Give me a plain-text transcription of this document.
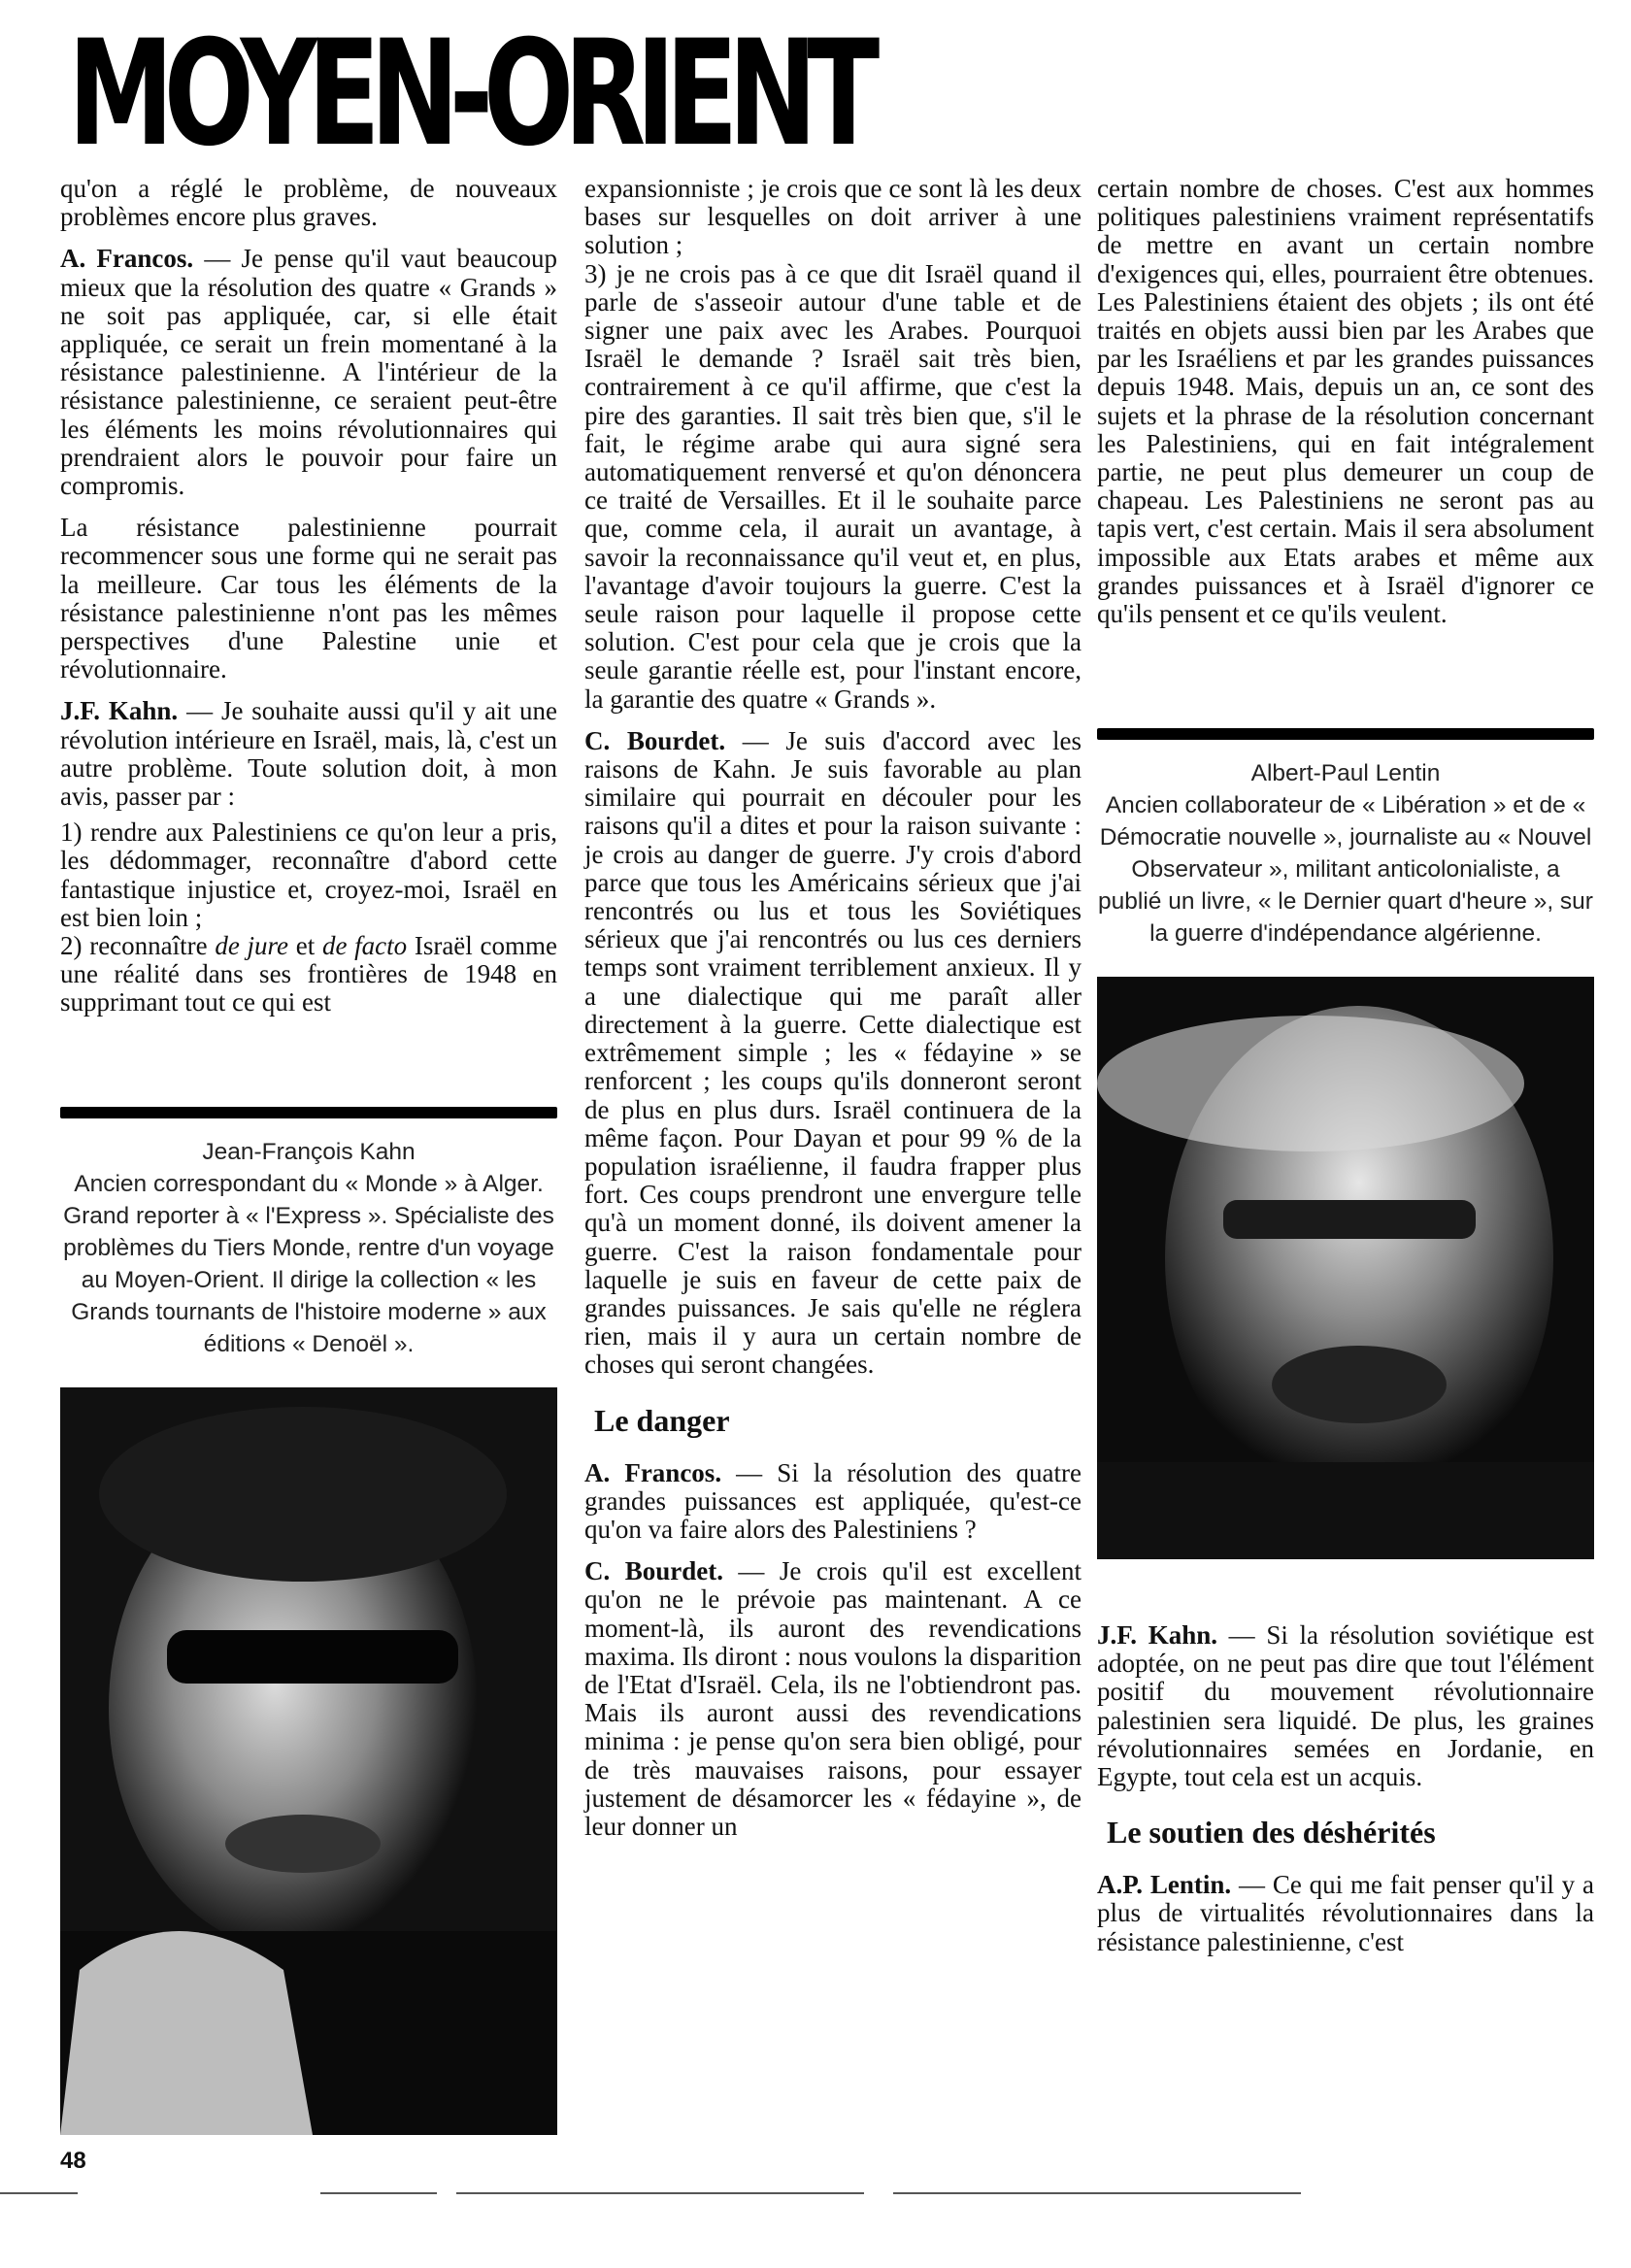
MOYEN-ORIENT

qu'on a réglé le problème, de nouveaux problèmes encore plus graves.

A. Francos. — Je pense qu'il vaut beaucoup mieux que la résolution des quatre « Grands » ne soit pas appliquée, car, si elle était appliquée, ce serait un frein momentané à la résistance palestinienne. A l'intérieur de la résistance palestinienne, ce seraient peut-être les éléments les moins révolutionnaires qui prendraient alors le pouvoir pour faire un compromis.

La résistance palestinienne pourrait recommencer sous une forme qui ne serait pas la meilleure. Car tous les éléments de la résistance palestinienne n'ont pas les mêmes perspectives d'une Palestine unie et révolutionnaire.

J.F. Kahn. — Je souhaite aussi qu'il y ait une révolution intérieure en Israël, mais, là, c'est un autre problème. Toute solution doit, à mon avis, passer par :

1) rendre aux Palestiniens ce qu'on leur a pris, les dédommager, reconnaître d'abord cette fantastique injustice et, croyez-moi, Israël en est bien loin ;

2) reconnaître de jure et de facto Israël comme une réalité dans ses frontières de 1948 en supprimant tout ce qui est

Jean-François Kahn
Ancien correspondant du « Monde » à Alger. Grand reporter à « l'Express ». Spécialiste des problèmes du Tiers Monde, rentre d'un voyage au Moyen-Orient. Il dirige la collection « les Grands tournants de l'histoire moderne » aux éditions « Denoël ».

expansionniste ; je crois que ce sont là les deux bases sur lesquelles on doit arriver à une solution ;

3) je ne crois pas à ce que dit Israël quand il parle de s'asseoir autour d'une table et de signer une paix avec les Arabes. Pourquoi Israël le demande ? Israël sait très bien, contrairement à ce qu'il affirme, que c'est la pire des garanties. Il sait très bien que, s'il le fait, le régime arabe qui aura signé sera automatiquement renversé et qu'on dénoncera ce traité de Versailles. Et il le souhaite parce que, comme cela, il aurait un avantage, à savoir la reconnaissance qu'il veut et, en plus, l'avantage d'avoir toujours la guerre. C'est la seule raison pour laquelle il propose cette solution. C'est pour cela que je crois que la seule garantie réelle est, pour l'instant encore, la garantie des quatre « Grands ».

C. Bourdet. — Je suis d'accord avec les raisons de Kahn. Je suis favorable au plan similaire qui pourrait en découler pour les raisons qu'il a dites et pour la raison suivante : je crois au danger de guerre. J'y crois d'abord parce que tous les Américains sérieux que j'ai rencontrés ou lus et tous les Soviétiques sérieux que j'ai rencontrés ou lus ces derniers temps sont vraiment terriblement anxieux. Il y a une dialectique qui me paraît aller directement à la guerre. Cette dialectique est extrêmement simple ; les « fédayine » se renforcent ; les coups qu'ils donneront seront de plus en plus durs. Israël continuera de la même façon. Pour Dayan et pour 99 % de la population israélienne, il faudra frapper plus fort. Ces coups prendront une envergure telle qu'à un moment donné, ils doivent amener la guerre. C'est la raison fondamentale pour laquelle je suis en faveur de cette paix de grandes puissances. Je sais qu'elle ne réglera rien, mais il y aura un certain nombre de choses qui seront changées.

Le danger

A. Francos. — Si la résolution des quatre grandes puissances est appliquée, qu'est-ce qu'on va faire alors des Palestiniens ?

C. Bourdet. — Je crois qu'il est excellent qu'on ne le prévoie pas maintenant. A ce moment-là, ils auront des revendications maxima. Ils diront : nous voulons la disparition de l'Etat d'Israël. Cela, ils ne l'obtiendront pas. Mais ils auront aussi des revendications minima : je pense qu'on sera bien obligé, pour de très mauvaises raisons, pour essayer justement de désamorcer les « fédayine », de leur donner un

certain nombre de choses. C'est aux hommes politiques palestiniens vraiment représentatifs de mettre en avant un certain nombre d'exigences qui, elles, pourraient être obtenues. Les Palestiniens étaient des objets ; ils ont été traités en objets aussi bien par les Arabes que par les Israéliens et par les grandes puissances depuis 1948. Mais, depuis un an, ce sont des sujets et la phrase de la résolution concernant les Palestiniens, qui en fait intégralement partie, ne peut plus demeurer un coup de chapeau. Les Palestiniens ne seront pas au tapis vert, c'est certain. Mais il sera absolument impossible aux Etats arabes et même aux grandes puissances et à Israël d'ignorer ce qu'ils pensent et ce qu'ils veulent.

Albert-Paul Lentin
Ancien collaborateur de « Libération » et de « Démocratie nouvelle », journaliste au « Nouvel Observateur », militant anticolonialiste, a publié un livre, « le Dernier quart d'heure », sur la guerre d'indépendance algérienne.

J.F. Kahn. — Si la résolution soviétique est adoptée, on ne peut pas dire que tout l'élément positif du mouvement révolutionnaire palestinien sera liquidé. De plus, les graines révolutionnaires semées en Jordanie, en Egypte, tout cela est un acquis.

Le soutien des déshérités

A.P. Lentin. — Ce qui me fait penser qu'il y a plus de virtualités révolutionnaires dans la résistance palestinienne, c'est

48
